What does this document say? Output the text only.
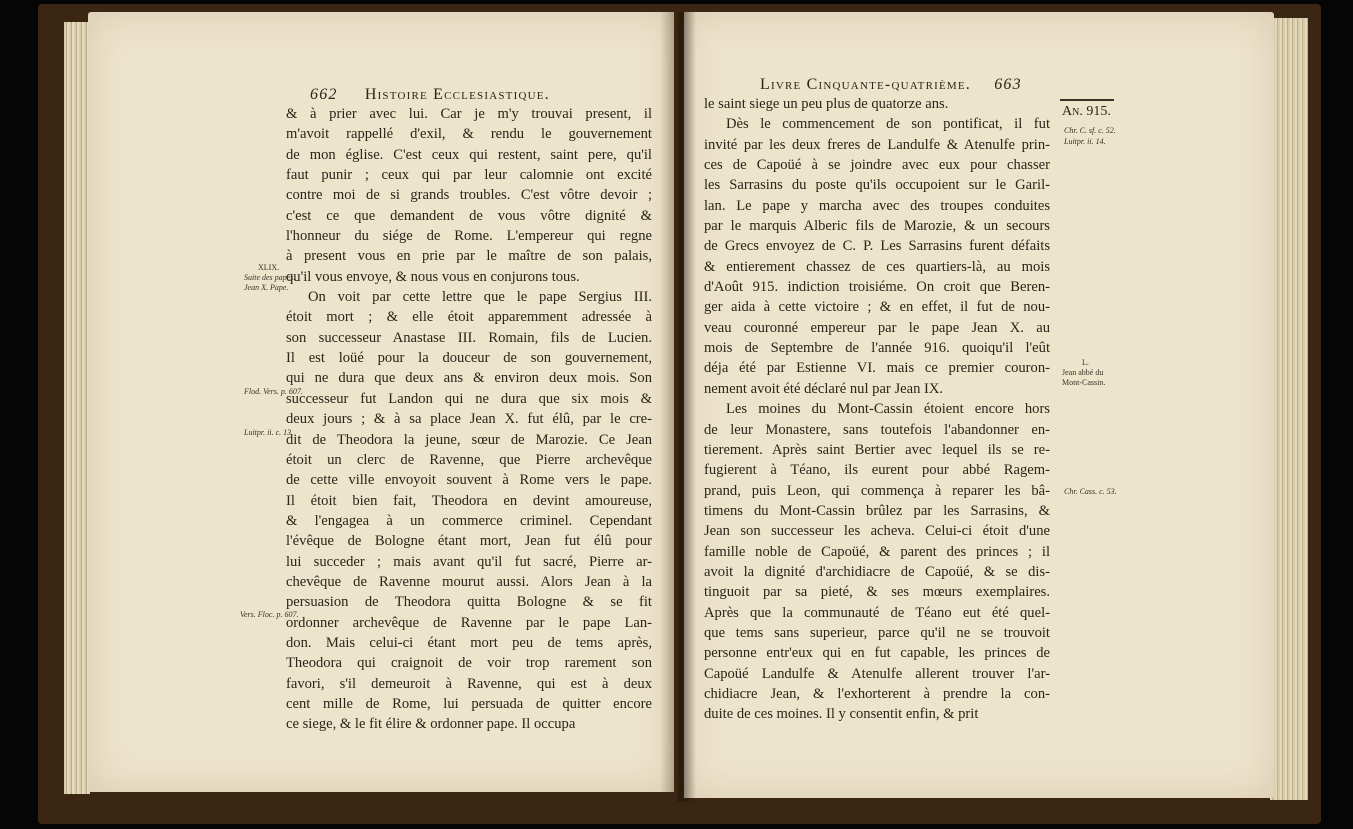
662 Histoire Ecclesiastique.
& à prier avec lui. Car je m'y trouvai present, il
m'avoit rappellé d'exil, & rendu le gouvernement
de mon église. C'est ceux qui restent, saint pere, qu'il
faut punir ; ceux qui par leur calomnie ont excité
contre moi de si grands troubles. C'est vôtre devoir ;
c'est ce que demandent de vous vôtre dignité &
l'honneur du siége de Rome. L'empereur qui regne
à present vous en prie par le maître de son palais,
qu'il vous envoye, & nous vous en conjurons tous.
On voit par cette lettre que le pape Sergius III.
étoit mort ; & elle étoit apparemment adressée à
son successeur Anastase III. Romain, fils de Lucien.
Il est loüé pour la douceur de son gouvernement,
qui ne dura que deux ans & environ deux mois. Son
successeur fut Landon qui ne dura que six mois &
deux jours ; & à sa place Jean X. fut élû, par le cre-
dit de Theodora la jeune, sœur de Marozie. Ce Jean
étoit un clerc de Ravenne, que Pierre archevêque
de cette ville envoyoit souvent à Rome vers le pape.
Il étoit bien fait, Theodora en devint amoureuse,
& l'engagea à un commerce criminel. Cependant
l'évêque de Bologne étant mort, Jean fut élû pour
lui succeder ; mais avant qu'il fut sacré, Pierre ar-
chevêque de Ravenne mourut aussi. Alors Jean à la
persuasion de Theodora quitta Bologne & se fit
ordonner archevêque de Ravenne par le pape Lan-
don. Mais celui-ci étant mort peu de tems après,
Theodora qui craignoit de voir trop rarement son
favori, s'il demeuroit à Ravenne, qui est à deux
cent mille de Rome, lui persuada de quitter encore
ce siege, & le fit élire & ordonner pape. Il occupa
XLIX.
Suite des papes.
Jean X. Pape.
Flod. Vers. p. 607.
Luitpr. ii. c. 13.
Vers. Floc. p. 607.
Livre Cinquante-quatrième. 663
An. 915.
le saint siege un peu plus de quatorze ans.
Dès le commencement de son pontificat, il fut
invité par les deux freres de Landulfe & Atenulfe prin-
ces de Capoüé à se joindre avec eux pour chasser
les Sarrasins du poste qu'ils occupoient sur le Garil-
lan. Le pape y marcha avec des troupes conduites
par le marquis Alberic fils de Marozie, & un secours
de Grecs envoyez de C. P. Les Sarrasins furent défaits
& entierement chassez de ces quartiers-là, au mois
d'Août 915. indiction troisiéme. On croit que Beren-
ger aida à cette victoire ; & en effet, il fut de nou-
veau couronné empereur par le pape Jean X. au
mois de Septembre de l'année 916. quoiqu'il l'eût
déja été par Estienne VI. mais ce premier couron-
nement avoit été déclaré nul par Jean IX.
Les moines du Mont-Cassin étoient encore hors
de leur Monastere, sans toutefois l'abandonner en-
tierement. Après saint Bertier avec lequel ils se re-
fugierent à Téano, ils eurent pour abbé Ragem-
prand, puis Leon, qui commença à reparer les bâ-
timens du Mont-Cassin brûlez par les Sarrasins, &
Jean son successeur les acheva. Celui-ci étoit d'une
famille noble de Capoüé, & parent des princes ; il
avoit la dignité d'archidiacre de Capoüé, & se dis-
tinguoit par sa pieté, & ses mœurs exemplaires.
Après que la communauté de Téano eut été quel-
que tems sans superieur, parce qu'il ne se trouvoit
personne entr'eux qui en fut capable, les princes de
Capoüé Landulfe & Atenulfe allerent trouver l'ar-
chidiacre Jean, & l'exhorterent à prendre la con-
duite de ces moines. Il y consentit enfin, & prit
Chr. C. sf. c. 52.
Luitpr. ii. 14.
L.
Jean abbé du
Mont-Cassin.
Chr. Cass. c. 53.
